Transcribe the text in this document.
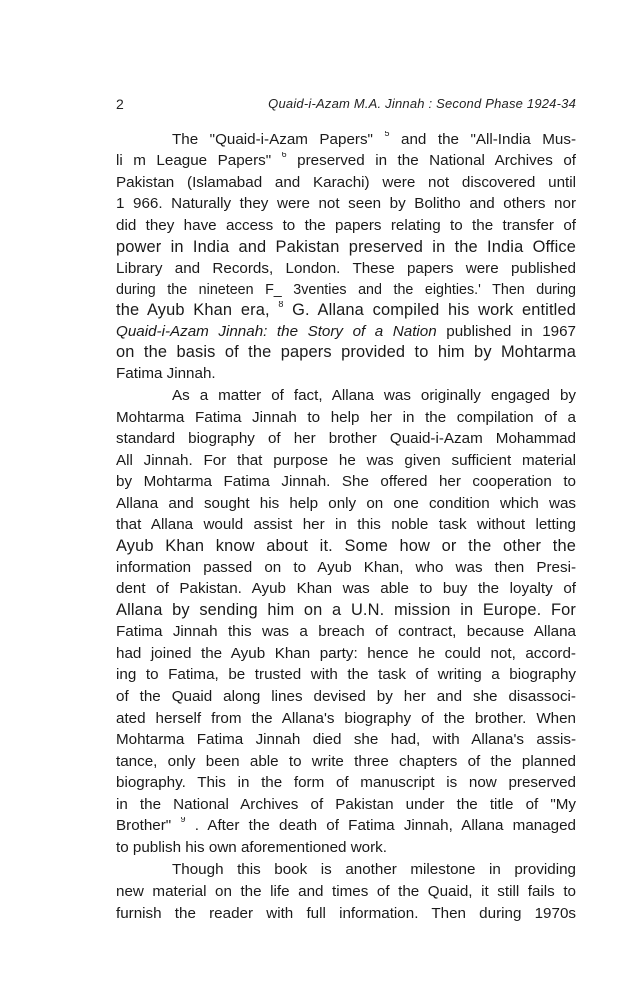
2	Quaid-i-Azam M.A. Jinnah : Second Phase 1924-34
The "Quaid-i-Azam Papers" $^5$ and the "All-India Mus-
li m League Papers" $^6$ preserved in the National Archives of
Pakistan (Islamabad and Karachi) were not discovered until
1 966. Naturally they were not seen by Bolitho and others nor
did they have access to the papers relating to the transfer of
power in India and Pakistan preserved in the India Office
Library and Records, London. These papers were published
during the nineteen F_ 3venties and the eighties.' Then during
the Ayub Khan era, $^8$ G. Allana compiled his work entitled
Quaid-i-Azam Jinnah: the Story of a Nation published in 1967
on the basis of the papers provided to him by Mohtarma
Fatima Jinnah.
As a matter of fact, Allana was originally engaged by
Mohtarma Fatima Jinnah to help her in the compilation of a
standard biography of her brother Quaid-i-Azam Mohammad
All Jinnah. For that purpose he was given sufficient material
by Mohtarma Fatima Jinnah. She offered her cooperation to
Allana and sought his help only on one condition which was
that Allana would assist her in this noble task without letting
Ayub Khan know about it. Some how or the other the
information passed on to Ayub Khan, who was then Presi-
dent of Pakistan. Ayub Khan was able to buy the loyalty of
Allana by sending him on a U.N. mission in Europe. For
Fatima Jinnah this was a breach of contract, because Allana
had joined the Ayub Khan party: hence he could not, accord-
ing to Fatima, be trusted with the task of writing a biography
of the Quaid along lines devised by her and she disassoci-
ated herself from the Allana's biography of the brother. When
Mohtarma Fatima Jinnah died she had, with Allana's assis-
tance, only been able to write three chapters of the planned
biography. This in the form of manuscript is now preserved
in the National Archives of Pakistan under the title of "My
Brother" $^9$ . After the death of Fatima Jinnah, Allana managed
to publish his own aforementioned work.
Though this book is another milestone in providing
new material on the life and times of the Quaid, it still fails to
furnish the reader with full information. Then during 1970s
